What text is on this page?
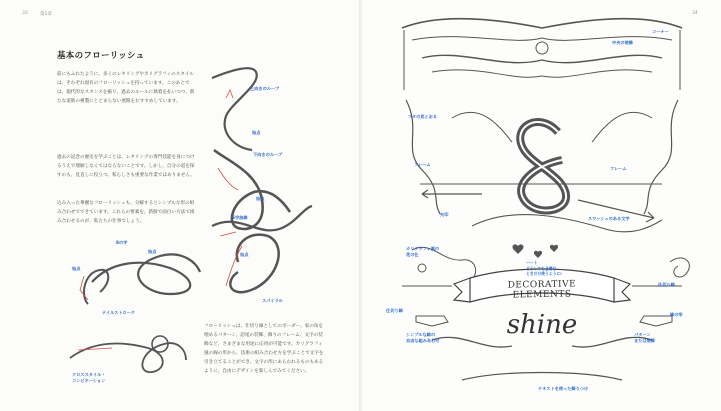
33	第1章
基本のフローリッシュ

前にもふれたように、多くのレタリングやカリグラフィのスタイルは、それぞれ固有のフローリッシュを持っています。このあとでは、現代的なスタンスを掘り、過去のルールに執着を払いつつ、新たな道筋の複製にとどまらない展開をおすすめしています。

過去の記念の歴史を学ぶことは、レタリングの専門技能を身につけるうえで理解しなくてはならないことです。しかし、自分の道を探すのも、見直しに役立つ、私らしさも重要な作業ではありません。

込み入った華麗なフローリッシュも、分解するとシンプルな形の組み合わせでできています。これらの要素を、新鮮で面白い方法で組み合わせるのが、私たちの仕事でしょう。

フローリッシュは、仕切り線としてのボーダー、家の角を埋めるパターン、語尾の装飾、飾りのフレーム、文字の装飾など、さまざまな用途に応用が可能です。カリグラフィ風の線の形から、技術の組み合わせ方を学ぶことで文字を引き立てることができ、文字の形にあらわれるものもあるように、自由にデザインを楽しんでみてください。

上向きのループ
始点
下向きのループ
始点
S字曲線
8の字
始点
始点
始点
スパイラル
テイルストローク
クロススタイル・
コンビネーション
34
DECORATIVE ELEMENTS
shine
コーナー
中央の装飾
フタの見とおる
フレーム
フレーム
スワッシュのある文字
矢印
カリグラフィ風の
花の仕
ハート
どうしても必要な
ときだけ使うように!
仕切り線
仕切り線
シンプルな線の
自由な組みあわせ
パターン
または装飾
線の形
テキストを使った飾りつけ
